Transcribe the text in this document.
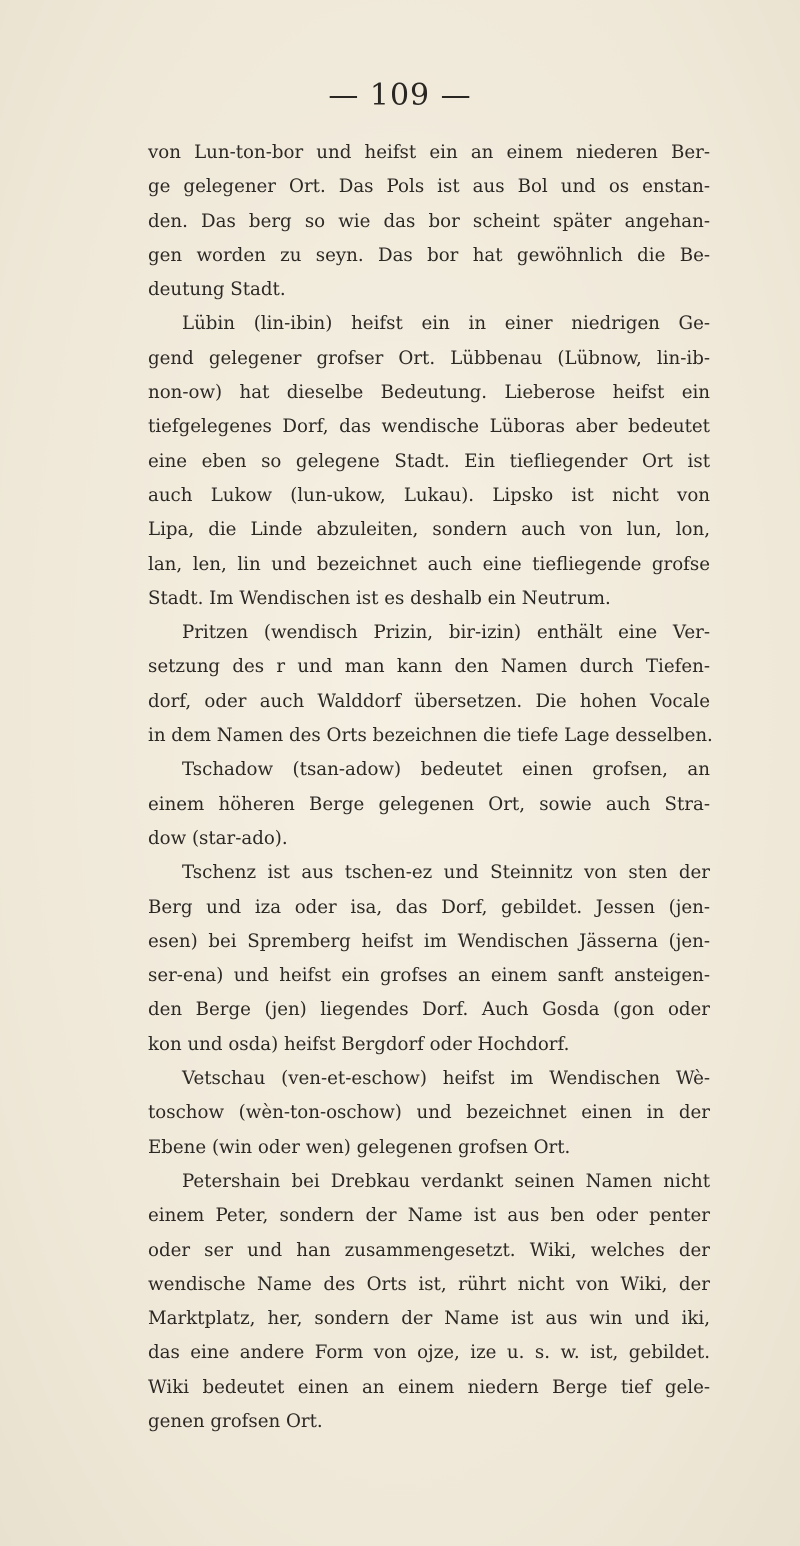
— 109 —
von Lun-ton-bor und heifst ein an einem niederen Ber-
ge gelegener Ort. Das Pols ist aus Bol und os enstan-
den. Das berg so wie das bor scheint später angehan-
gen worden zu seyn. Das bor hat gewöhnlich die Be-
deutung Stadt.
Lübin (lin-ibin) heifst ein in einer niedrigen Ge-
gend gelegener grofser Ort. Lübbenau (Lübnow, lin-ib-
non-ow) hat dieselbe Bedeutung. Lieberose heifst ein
tiefgelegenes Dorf, das wendische Lüboras aber bedeutet
eine eben so gelegene Stadt. Ein tiefliegender Ort ist
auch Lukow (lun-ukow, Lukau). Lipsko ist nicht von
Lipa, die Linde abzuleiten, sondern auch von lun, lon,
lan, len, lin und bezeichnet auch eine tiefliegende grofse
Stadt. Im Wendischen ist es deshalb ein Neutrum.
Pritzen (wendisch Prizin, bir-izin) enthält eine Ver-
setzung des r und man kann den Namen durch Tiefen-
dorf, oder auch Walddorf übersetzen. Die hohen Vocale
in dem Namen des Orts bezeichnen die tiefe Lage desselben.
Tschadow (tsan-adow) bedeutet einen grofsen, an
einem höheren Berge gelegenen Ort, sowie auch Stra-
dow (star-ado).
Tschenz ist aus tschen-ez und Steinnitz von sten der
Berg und iza oder isa, das Dorf, gebildet. Jessen (jen-
esen) bei Spremberg heifst im Wendischen Jässerna (jen-
ser-ena) und heifst ein grofses an einem sanft ansteigen-
den Berge (jen) liegendes Dorf. Auch Gosda (gon oder
kon und osda) heifst Bergdorf oder Hochdorf.
Vetschau (ven-et-eschow) heifst im Wendischen Wè-
toschow (wèn-ton-oschow) und bezeichnet einen in der
Ebene (win oder wen) gelegenen grofsen Ort.
Petershain bei Drebkau verdankt seinen Namen nicht
einem Peter, sondern der Name ist aus ben oder penter
oder ser und han zusammengesetzt. Wiki, welches der
wendische Name des Orts ist, rührt nicht von Wiki, der
Marktplatz, her, sondern der Name ist aus win und iki,
das eine andere Form von ojze, ize u. s. w. ist, gebildet.
Wiki bedeutet einen an einem niedern Berge tief gele-
genen grofsen Ort.
